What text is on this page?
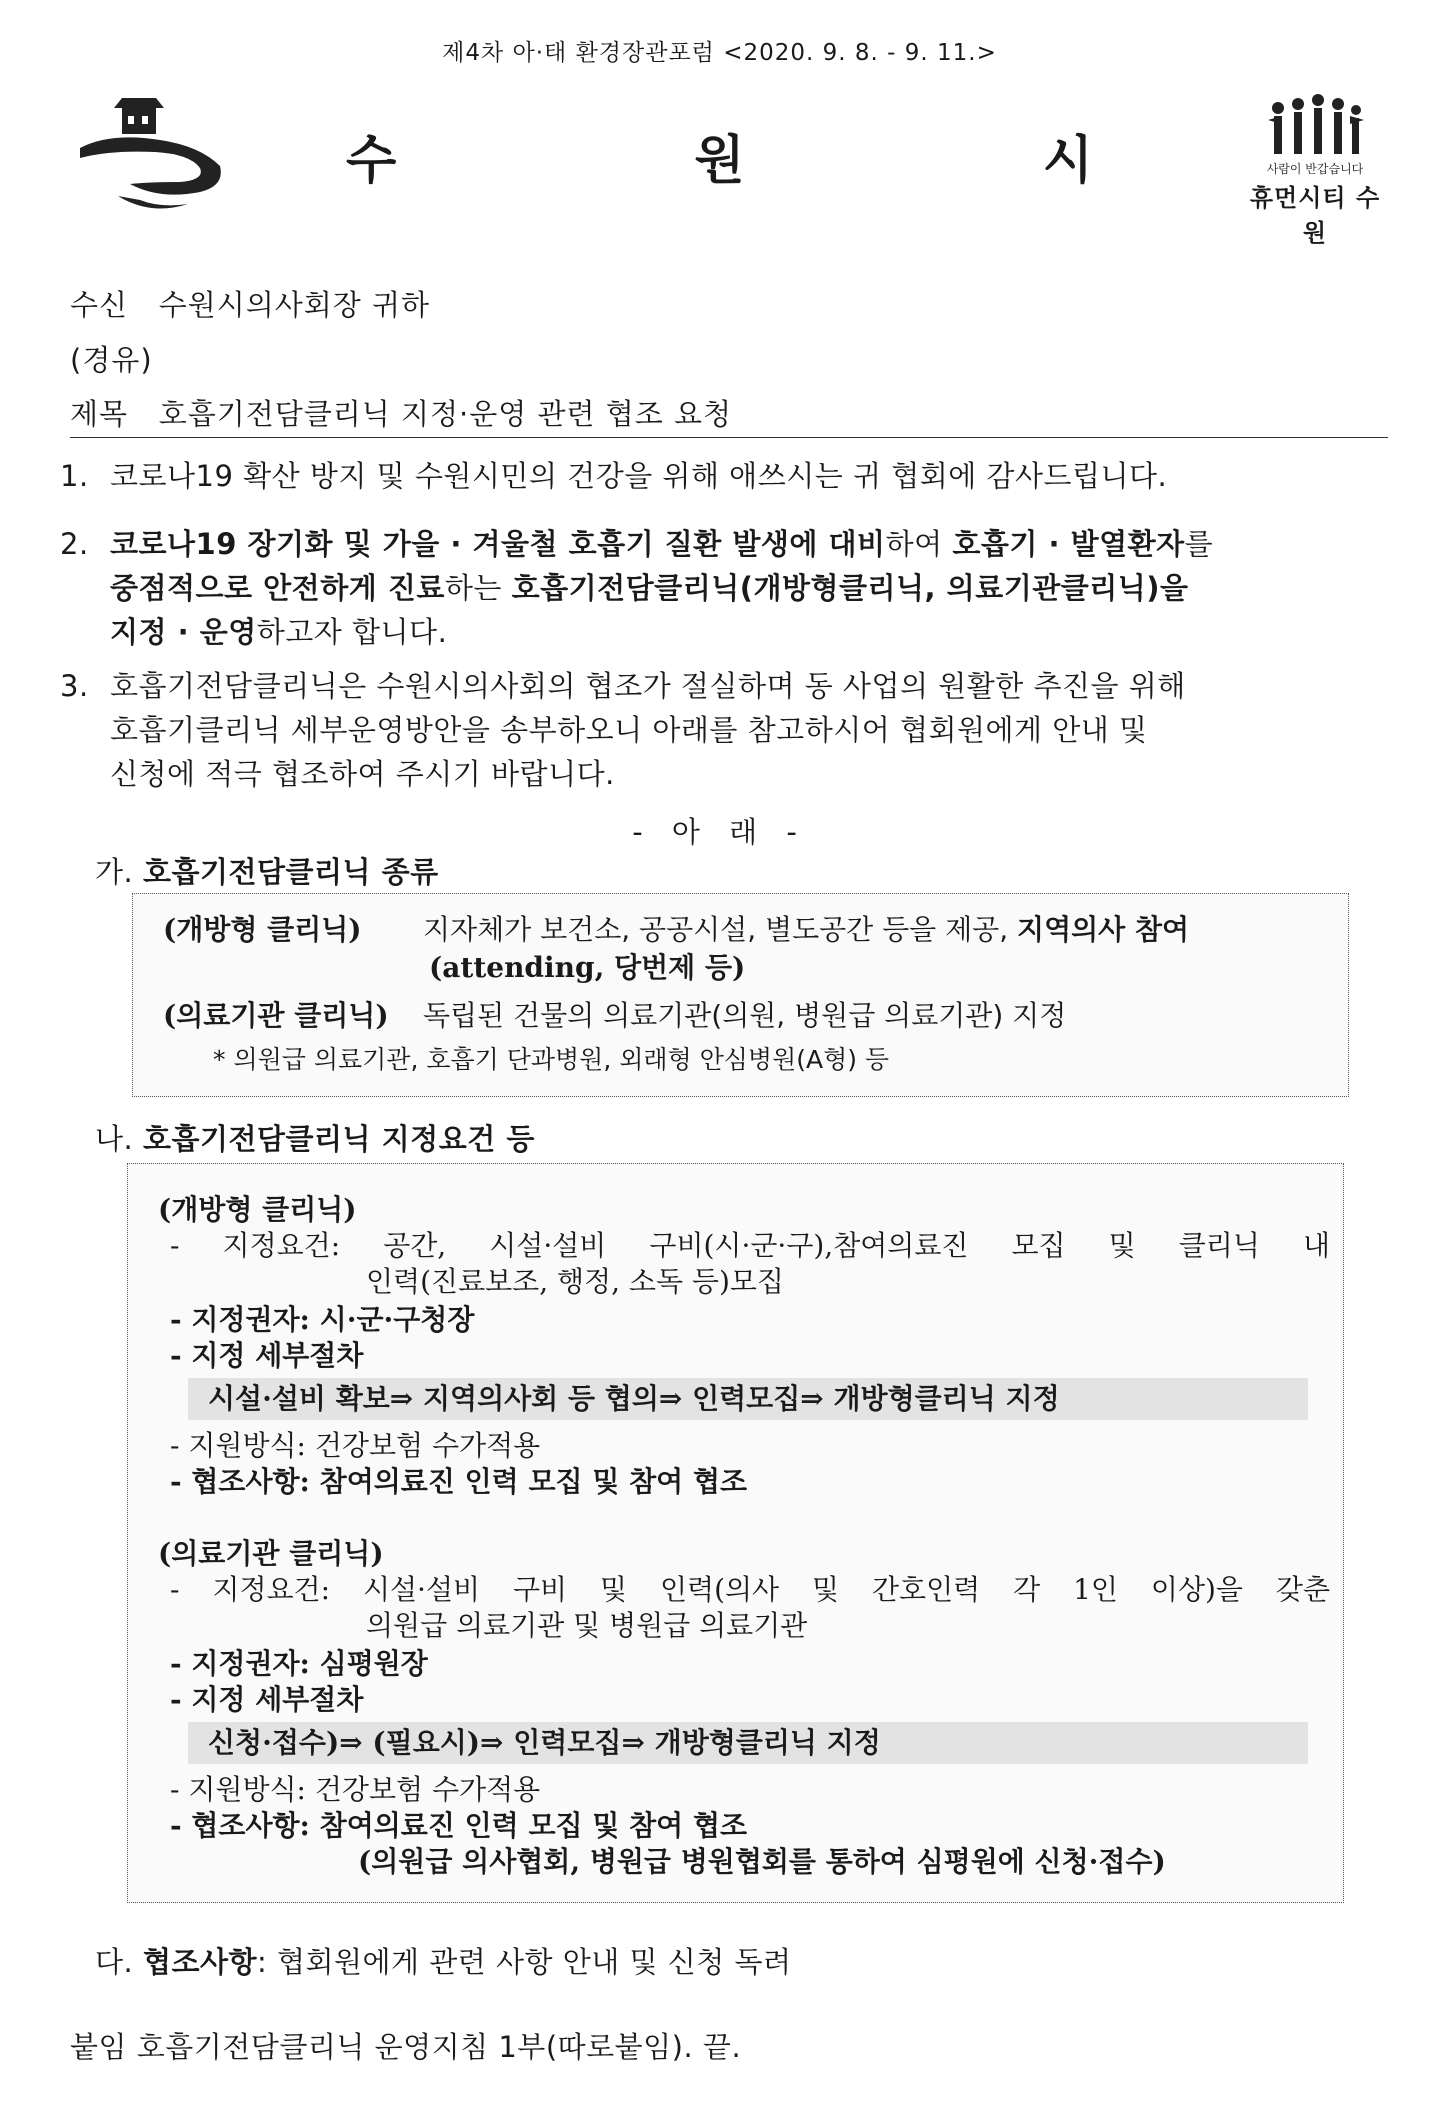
제4차 아·태 환경장관포럼 <2020. 9. 8. - 9. 11.>
수 원 시	사람이 반갑습니다
휴먼시티 수원
수신 수원시의사회장 귀하
(경유)
제목 호흡기전담클리닉 지정·운영 관련 협조 요청
1. 코로나19 확산 방지 및 수원시민의 건강을 위해 애쓰시는 귀 협회에 감사드립니다.
2. 코로나19 장기화 및 가을 · 겨울철 호흡기 질환 발생에 대비하여 호흡기 · 발열환자를
중점적으로 안전하게 진료하는 호흡기전담클리닉(개방형클리닉, 의료기관클리닉)을
지정 · 운영하고자 합니다.
3. 호흡기전담클리닉은 수원시의사회의 협조가 절실하며 동 사업의 원활한 추진을 위해
호흡기클리닉 세부운영방안을 송부하오니 아래를 참고하시어 협회원에게 안내 및
신청에 적극 협조하여 주시기 바랍니다.
- 아 래 -
가. 호흡기전담클리닉 종류
(개방형 클리닉) 지자체가 보건소, 공공시설, 별도공간 등을 제공, 지역의사 참여
(attending, 당번제 등)
(의료기관 클리닉) 독립된 건물의 의료기관(의원, 병원급 의료기관) 지정
* 의원급 의료기관, 호흡기 단과병원, 외래형 안심병원(A형) 등
나. 호흡기전담클리닉 지정요건 등
(개방형 클리닉)
- 지정요건: 공간, 시설·설비 구비(시·군·구),참여의료진 모집 및 클리닉 내
인력(진료보조, 행정, 소독 등)모집
- 지정권자: 시·군·구청장
- 지정 세부절차
시설·설비 확보⇒ 지역의사회 등 협의⇒ 인력모집⇒ 개방형클리닉 지정
- 지원방식: 건강보험 수가적용
- 협조사항: 참여의료진 인력 모집 및 참여 협조
(의료기관 클리닉)
- 지정요건: 시설·설비 구비 및 인력(의사 및 간호인력 각 1인 이상)을 갖춘
의원급 의료기관 및 병원급 의료기관
- 지정권자: 심평원장
- 지정 세부절차
신청·접수)⇒ (필요시)⇒ 인력모집⇒ 개방형클리닉 지정
- 지원방식: 건강보험 수가적용
- 협조사항: 참여의료진 인력 모집 및 참여 협조
(의원급 의사협회, 병원급 병원협회를 통하여 심평원에 신청·접수)
다. 협조사항: 협회원에게 관련 사항 안내 및 신청 독려
붙임 호흡기전담클리닉 운영지침 1부(따로붙임). 끝.
